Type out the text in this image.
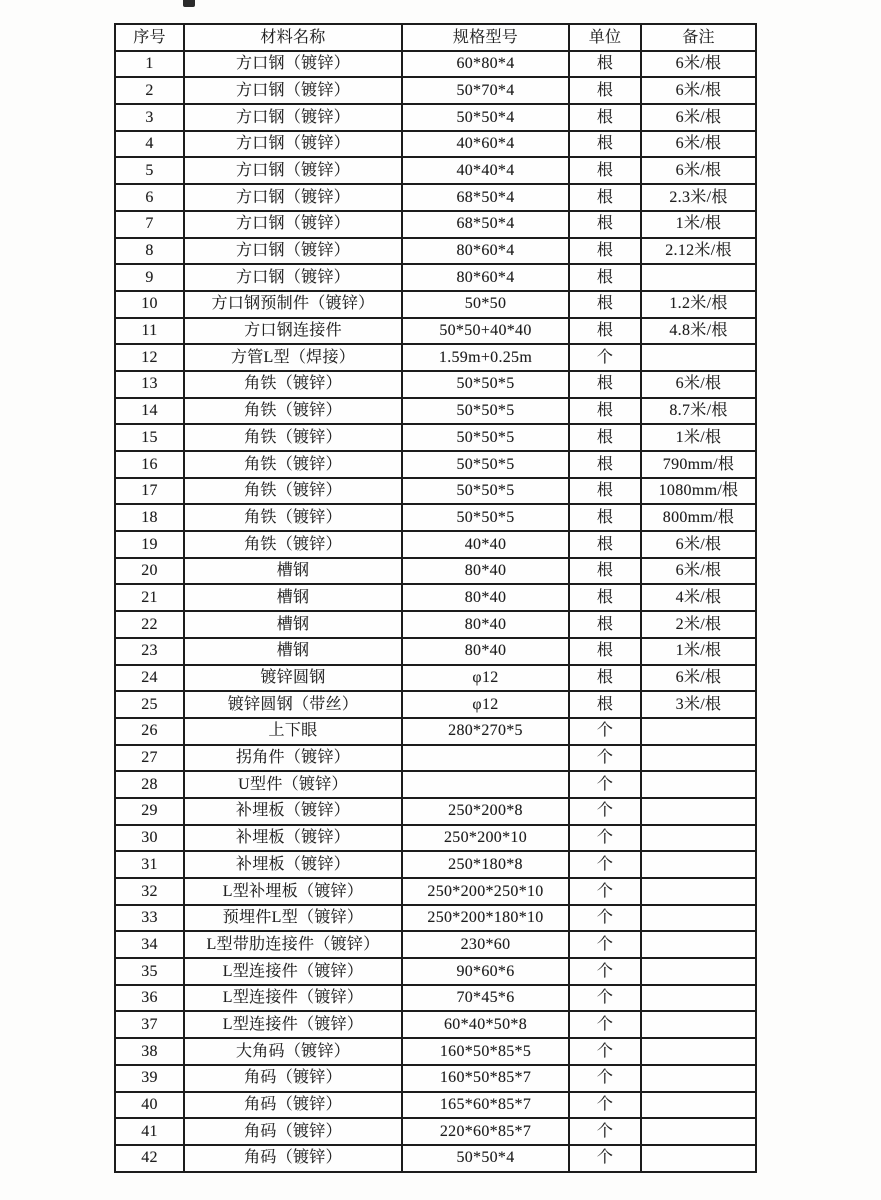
序号	材料名称	规格型号	单位	备注
1	方口钢（镀锌）	60*80*4	根	6米/根
2	方口钢（镀锌）	50*70*4	根	6米/根
3	方口钢（镀锌）	50*50*4	根	6米/根
4	方口钢（镀锌）	40*60*4	根	6米/根
5	方口钢（镀锌）	40*40*4	根	6米/根
6	方口钢（镀锌）	68*50*4	根	2.3米/根
7	方口钢（镀锌）	68*50*4	根	1米/根
8	方口钢（镀锌）	80*60*4	根	2.12米/根
9	方口钢（镀锌）	80*60*4	根	
10	方口钢预制件（镀锌）	50*50	根	1.2米/根
11	方口钢连接件	50*50+40*40	根	4.8米/根
12	方管L型（焊接）	1.59m+0.25m	个	
13	角铁（镀锌）	50*50*5	根	6米/根
14	角铁（镀锌）	50*50*5	根	8.7米/根
15	角铁（镀锌）	50*50*5	根	1米/根
16	角铁（镀锌）	50*50*5	根	790mm/根
17	角铁（镀锌）	50*50*5	根	1080mm/根
18	角铁（镀锌）	50*50*5	根	800mm/根
19	角铁（镀锌）	40*40	根	6米/根
20	槽钢	80*40	根	6米/根
21	槽钢	80*40	根	4米/根
22	槽钢	80*40	根	2米/根
23	槽钢	80*40	根	1米/根
24	镀锌圆钢	φ12	根	6米/根
25	镀锌圆钢（带丝）	φ12	根	3米/根
26	上下眼	280*270*5	个	
27	拐角件（镀锌）		个	
28	U型件（镀锌）		个	
29	补埋板（镀锌）	250*200*8	个	
30	补埋板（镀锌）	250*200*10	个	
31	补埋板（镀锌）	250*180*8	个	
32	L型补埋板（镀锌）	250*200*250*10	个	
33	预埋件L型（镀锌）	250*200*180*10	个	
34	L型带肋连接件（镀锌）	230*60	个	
35	L型连接件（镀锌）	90*60*6	个	
36	L型连接件（镀锌）	70*45*6	个	
37	L型连接件（镀锌）	60*40*50*8	个	
38	大角码（镀锌）	160*50*85*5	个	
39	角码（镀锌）	160*50*85*7	个	
40	角码（镀锌）	165*60*85*7	个	
41	角码（镀锌）	220*60*85*7	个	
42	角码（镀锌）	50*50*4	个	
